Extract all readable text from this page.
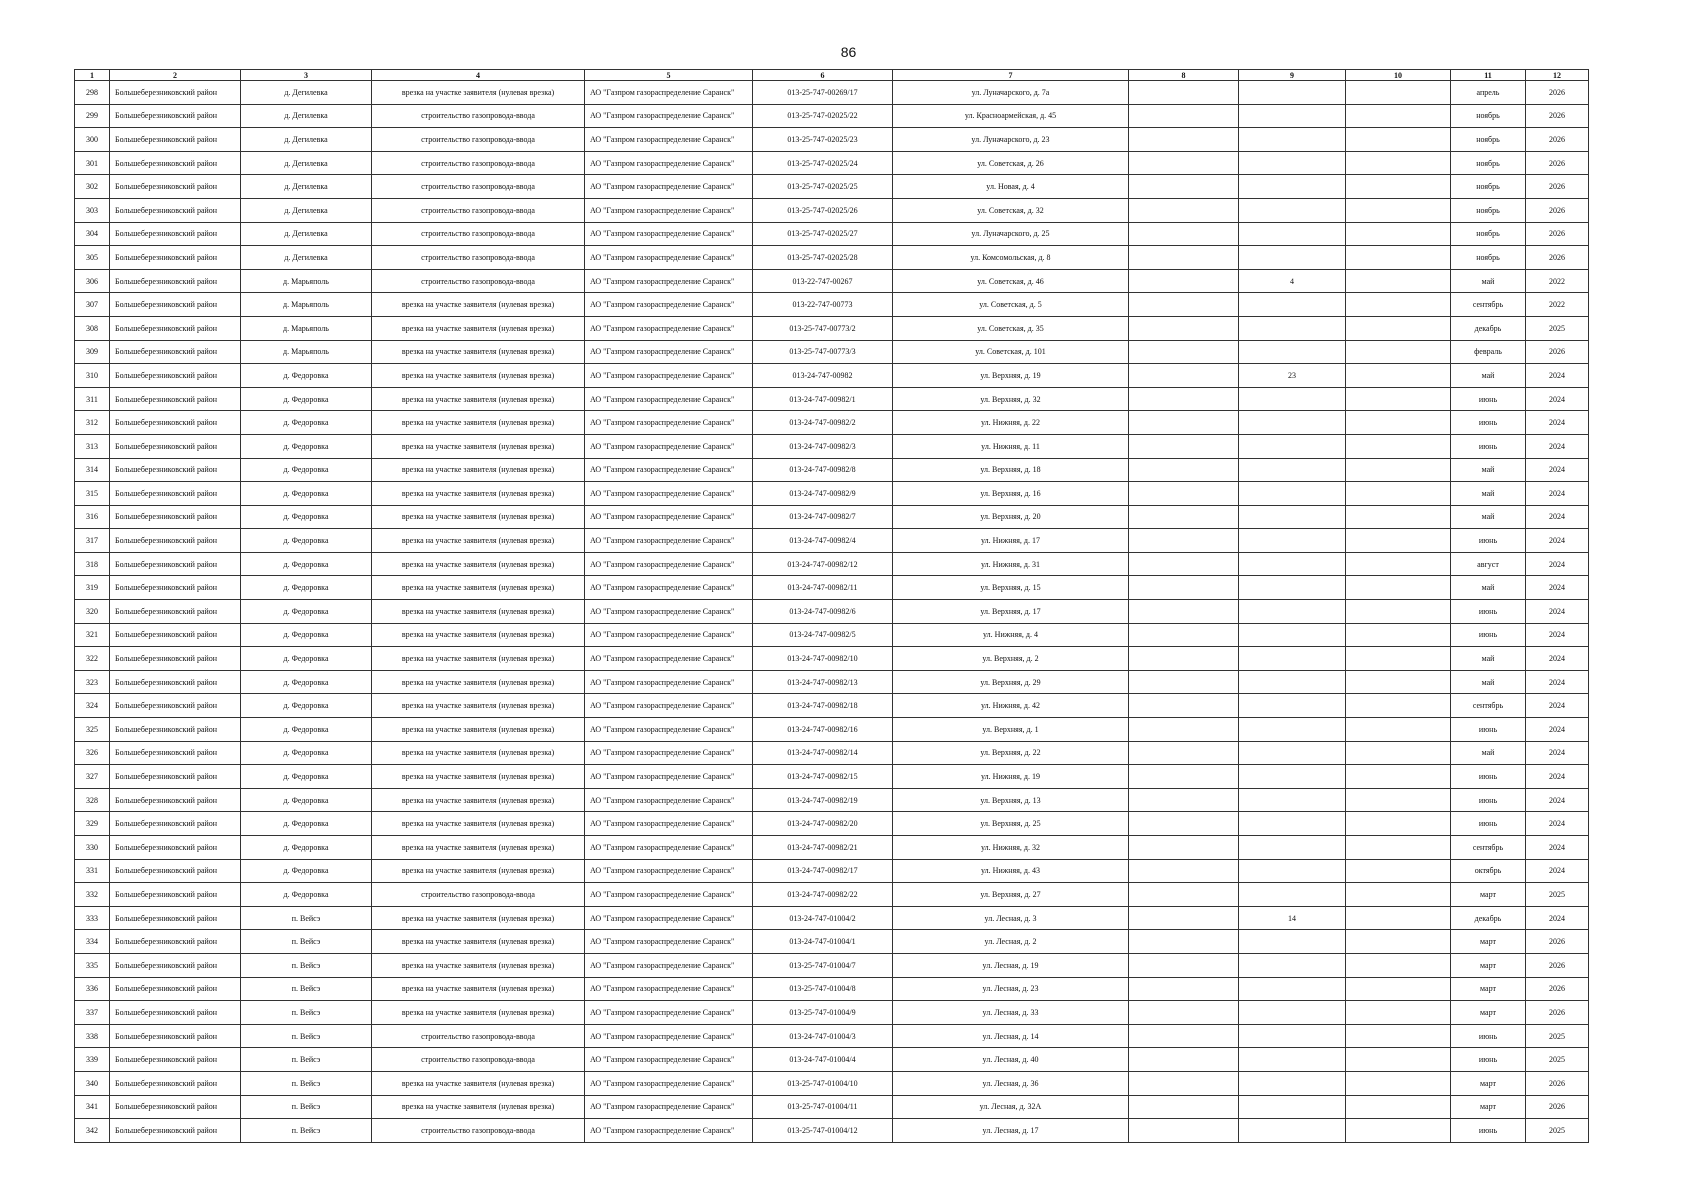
86
1	2	3	4	5	6	7	8	9	10	11	12
298	Большеберезниковский район	д. Дегилевка	врезка на участке заявителя (нулевая врезка)	АО "Газпром газораспределение Саранск"	013-25-747-00269/17	ул. Луначарского, д. 7а				апрель	2026
299	Большеберезниковский район	д. Дегилевка	строительство газопровода-ввода	АО "Газпром газораспределение Саранск"	013-25-747-02025/22	ул. Красноармейская, д. 45				ноябрь	2026
300	Большеберезниковский район	д. Дегилевка	строительство газопровода-ввода	АО "Газпром газораспределение Саранск"	013-25-747-02025/23	ул. Луначарского, д. 23				ноябрь	2026
301	Большеберезниковский район	д. Дегилевка	строительство газопровода-ввода	АО "Газпром газораспределение Саранск"	013-25-747-02025/24	ул. Советская, д. 26				ноябрь	2026
302	Большеберезниковский район	д. Дегилевка	строительство газопровода-ввода	АО "Газпром газораспределение Саранск"	013-25-747-02025/25	ул. Новая, д. 4				ноябрь	2026
303	Большеберезниковский район	д. Дегилевка	строительство газопровода-ввода	АО "Газпром газораспределение Саранск"	013-25-747-02025/26	ул. Советская, д. 32				ноябрь	2026
304	Большеберезниковский район	д. Дегилевка	строительство газопровода-ввода	АО "Газпром газораспределение Саранск"	013-25-747-02025/27	ул. Луначарского, д. 25				ноябрь	2026
305	Большеберезниковский район	д. Дегилевка	строительство газопровода-ввода	АО "Газпром газораспределение Саранск"	013-25-747-02025/28	ул. Комсомольская, д. 8				ноябрь	2026
306	Большеберезниковский район	д. Марьяполь	строительство газопровода-ввода	АО "Газпром газораспределение Саранск"	013-22-747-00267	ул. Советская, д. 46		4		май	2022
307	Большеберезниковский район	д. Марьяполь	врезка на участке заявителя (нулевая врезка)	АО "Газпром газораспределение Саранск"	013-22-747-00773	ул. Советская, д. 5				сентябрь	2022
308	Большеберезниковский район	д. Марьяполь	врезка на участке заявителя (нулевая врезка)	АО "Газпром газораспределение Саранск"	013-25-747-00773/2	ул. Советская, д. 35				декабрь	2025
309	Большеберезниковский район	д. Марьяполь	врезка на участке заявителя (нулевая врезка)	АО "Газпром газораспределение Саранск"	013-25-747-00773/3	ул. Советская, д. 101				февраль	2026
310	Большеберезниковский район	д. Федоровка	врезка на участке заявителя (нулевая врезка)	АО "Газпром газораспределение Саранск"	013-24-747-00982	ул. Верхняя, д. 19		23		май	2024
311	Большеберезниковский район	д. Федоровка	врезка на участке заявителя (нулевая врезка)	АО "Газпром газораспределение Саранск"	013-24-747-00982/1	ул. Верхняя, д. 32				июнь	2024
312	Большеберезниковский район	д. Федоровка	врезка на участке заявителя (нулевая врезка)	АО "Газпром газораспределение Саранск"	013-24-747-00982/2	ул. Нижняя, д. 22				июнь	2024
313	Большеберезниковский район	д. Федоровка	врезка на участке заявителя (нулевая врезка)	АО "Газпром газораспределение Саранск"	013-24-747-00982/3	ул. Нижняя, д. 11				июнь	2024
314	Большеберезниковский район	д. Федоровка	врезка на участке заявителя (нулевая врезка)	АО "Газпром газораспределение Саранск"	013-24-747-00982/8	ул. Верхняя, д. 18				май	2024
315	Большеберезниковский район	д. Федоровка	врезка на участке заявителя (нулевая врезка)	АО "Газпром газораспределение Саранск"	013-24-747-00982/9	ул. Верхняя, д. 16				май	2024
316	Большеберезниковский район	д. Федоровка	врезка на участке заявителя (нулевая врезка)	АО "Газпром газораспределение Саранск"	013-24-747-00982/7	ул. Верхняя, д. 20				май	2024
317	Большеберезниковский район	д. Федоровка	врезка на участке заявителя (нулевая врезка)	АО "Газпром газораспределение Саранск"	013-24-747-00982/4	ул. Нижняя, д. 17				июнь	2024
318	Большеберезниковский район	д. Федоровка	врезка на участке заявителя (нулевая врезка)	АО "Газпром газораспределение Саранск"	013-24-747-00982/12	ул. Нижняя, д. 31				август	2024
319	Большеберезниковский район	д. Федоровка	врезка на участке заявителя (нулевая врезка)	АО "Газпром газораспределение Саранск"	013-24-747-00982/11	ул. Верхняя, д. 15				май	2024
320	Большеберезниковский район	д. Федоровка	врезка на участке заявителя (нулевая врезка)	АО "Газпром газораспределение Саранск"	013-24-747-00982/6	ул. Верхняя, д. 17				июнь	2024
321	Большеберезниковский район	д. Федоровка	врезка на участке заявителя (нулевая врезка)	АО "Газпром газораспределение Саранск"	013-24-747-00982/5	ул. Нижняя, д. 4				июнь	2024
322	Большеберезниковский район	д. Федоровка	врезка на участке заявителя (нулевая врезка)	АО "Газпром газораспределение Саранск"	013-24-747-00982/10	ул. Верхняя, д. 2				май	2024
323	Большеберезниковский район	д. Федоровка	врезка на участке заявителя (нулевая врезка)	АО "Газпром газораспределение Саранск"	013-24-747-00982/13	ул. Верхняя, д. 29				май	2024
324	Большеберезниковский район	д. Федоровка	врезка на участке заявителя (нулевая врезка)	АО "Газпром газораспределение Саранск"	013-24-747-00982/18	ул. Нижняя, д. 42				сентябрь	2024
325	Большеберезниковский район	д. Федоровка	врезка на участке заявителя (нулевая врезка)	АО "Газпром газораспределение Саранск"	013-24-747-00982/16	ул. Верхняя, д. 1				июнь	2024
326	Большеберезниковский район	д. Федоровка	врезка на участке заявителя (нулевая врезка)	АО "Газпром газораспределение Саранск"	013-24-747-00982/14	ул. Верхняя, д. 22				май	2024
327	Большеберезниковский район	д. Федоровка	врезка на участке заявителя (нулевая врезка)	АО "Газпром газораспределение Саранск"	013-24-747-00982/15	ул. Нижняя, д. 19				июнь	2024
328	Большеберезниковский район	д. Федоровка	врезка на участке заявителя (нулевая врезка)	АО "Газпром газораспределение Саранск"	013-24-747-00982/19	ул. Верхняя, д. 13				июнь	2024
329	Большеберезниковский район	д. Федоровка	врезка на участке заявителя (нулевая врезка)	АО "Газпром газораспределение Саранск"	013-24-747-00982/20	ул. Верхняя, д. 25				июнь	2024
330	Большеберезниковский район	д. Федоровка	врезка на участке заявителя (нулевая врезка)	АО "Газпром газораспределение Саранск"	013-24-747-00982/21	ул. Нижняя, д. 32				сентябрь	2024
331	Большеберезниковский район	д. Федоровка	врезка на участке заявителя (нулевая врезка)	АО "Газпром газораспределение Саранск"	013-24-747-00982/17	ул. Нижняя, д. 43				октябрь	2024
332	Большеберезниковский район	д. Федоровка	строительство газопровода-ввода	АО "Газпром газораспределение Саранск"	013-24-747-00982/22	ул. Верхняя, д. 27				март	2025
333	Большеберезниковский район	п. Вейсэ	врезка на участке заявителя (нулевая врезка)	АО "Газпром газораспределение Саранск"	013-24-747-01004/2	ул. Лесная, д. 3		14		декабрь	2024
334	Большеберезниковский район	п. Вейсэ	врезка на участке заявителя (нулевая врезка)	АО "Газпром газораспределение Саранск"	013-24-747-01004/1	ул. Лесная, д. 2				март	2026
335	Большеберезниковский район	п. Вейсэ	врезка на участке заявителя (нулевая врезка)	АО "Газпром газораспределение Саранск"	013-25-747-01004/7	ул. Лесная, д. 19				март	2026
336	Большеберезниковский район	п. Вейсэ	врезка на участке заявителя (нулевая врезка)	АО "Газпром газораспределение Саранск"	013-25-747-01004/8	ул. Лесная, д. 23				март	2026
337	Большеберезниковский район	п. Вейсэ	врезка на участке заявителя (нулевая врезка)	АО "Газпром газораспределение Саранск"	013-25-747-01004/9	ул. Лесная, д. 33				март	2026
338	Большеберезниковский район	п. Вейсэ	строительство газопровода-ввода	АО "Газпром газораспределение Саранск"	013-24-747-01004/3	ул. Лесная, д. 14				июнь	2025
339	Большеберезниковский район	п. Вейсэ	строительство газопровода-ввода	АО "Газпром газораспределение Саранск"	013-24-747-01004/4	ул. Лесная, д. 40				июнь	2025
340	Большеберезниковский район	п. Вейсэ	врезка на участке заявителя (нулевая врезка)	АО "Газпром газораспределение Саранск"	013-25-747-01004/10	ул. Лесная, д. 36				март	2026
341	Большеберезниковский район	п. Вейсэ	врезка на участке заявителя (нулевая врезка)	АО "Газпром газораспределение Саранск"	013-25-747-01004/11	ул. Лесная, д. 32А				март	2026
342	Большеберезниковский район	п. Вейсэ	строительство газопровода-ввода	АО "Газпром газораспределение Саранск"	013-25-747-01004/12	ул. Лесная, д. 17				июнь	2025
